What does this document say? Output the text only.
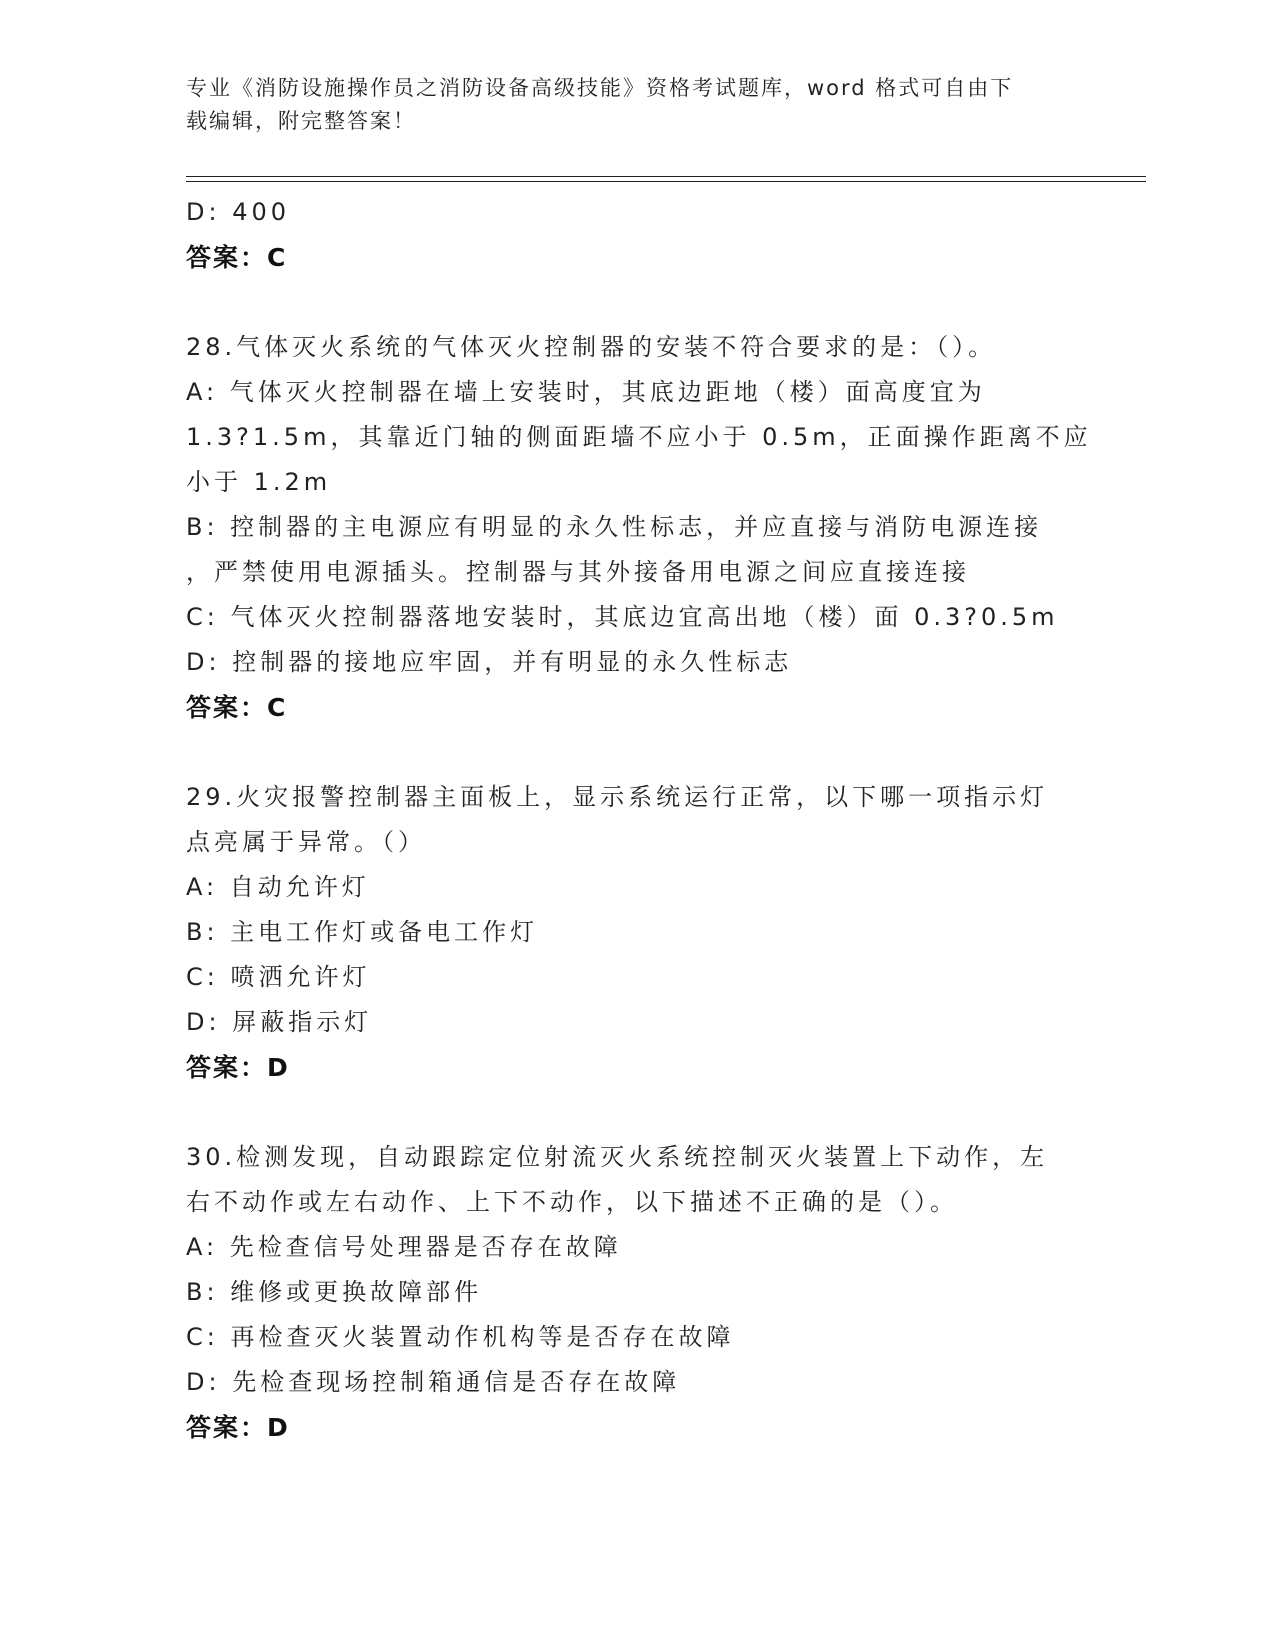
专业《消防设施操作员之消防设备高级技能》资格考试题库，word 格式可自由下
载编辑，附完整答案！
D: 400
答案：C
28.气体灭火系统的气体灭火控制器的安装不符合要求的是：（）。
A: 气体灭火控制器在墙上安装时，其底边距地（楼）面高度宜为
1.3?1.5m，其靠近门轴的侧面距墙不应小于 0.5m，正面操作距离不应
小于 1.2m
B: 控制器的主电源应有明显的永久性标志，并应直接与消防电源连接
，严禁使用电源插头。控制器与其外接备用电源之间应直接连接
C: 气体灭火控制器落地安装时，其底边宜高出地（楼）面 0.3?0.5m
D: 控制器的接地应牢固，并有明显的永久性标志
答案：C
29.火灾报警控制器主面板上，显示系统运行正常，以下哪一项指示灯
点亮属于异常。（）
A: 自动允许灯
B: 主电工作灯或备电工作灯
C: 喷洒允许灯
D: 屏蔽指示灯
答案：D
30.检测发现，自动跟踪定位射流灭火系统控制灭火装置上下动作，左
右不动作或左右动作、上下不动作，以下描述不正确的是（）。
A: 先检查信号处理器是否存在故障
B: 维修或更换故障部件
C: 再检查灭火装置动作机构等是否存在故障
D: 先检查现场控制箱通信是否存在故障
答案：D
